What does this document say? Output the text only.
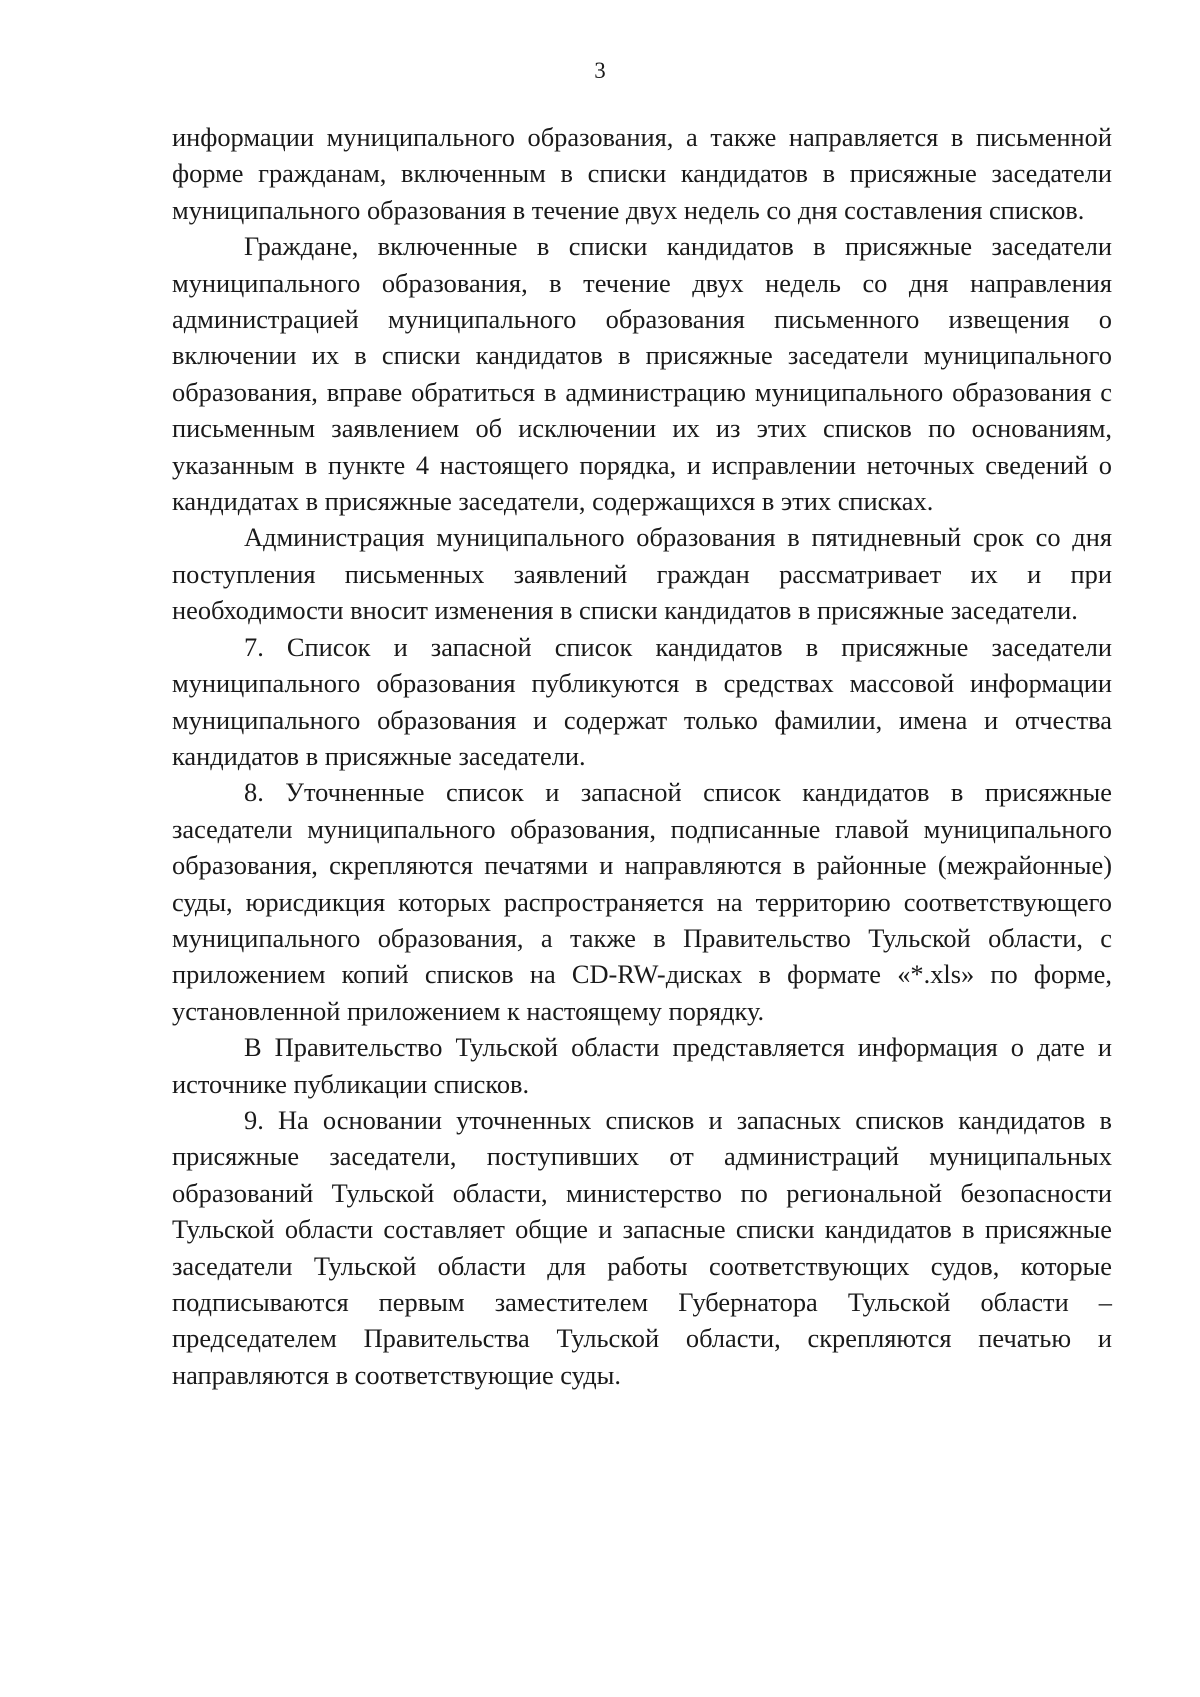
3

информации муниципального образования, а также направляется в письменной форме гражданам, включенным в списки кандидатов в присяжные заседатели муниципального образования в течение двух недель со дня составления списков.

Граждане, включенные в списки кандидатов в присяжные заседатели муниципального образования, в течение двух недель со дня направления администрацией муниципального образования письменного извещения о включении их в списки кандидатов в присяжные заседатели муниципального образования, вправе обратиться в администрацию муниципального образования с письменным заявлением об исключении их из этих списков по основаниям, указанным в пункте 4 настоящего порядка, и исправлении неточных сведений о кандидатах в присяжные заседатели, содержащихся в этих списках.

Администрация муниципального образования в пятидневный срок со дня поступления письменных заявлений граждан рассматривает их и при необходимости вносит изменения в списки кандидатов в присяжные заседатели.

7. Список и запасной список кандидатов в присяжные заседатели муниципального образования публикуются в средствах массовой информации муниципального образования и содержат только фамилии, имена и отчества кандидатов в присяжные заседатели.

8. Уточненные список и запасной список кандидатов в присяжные заседатели муниципального образования, подписанные главой муниципального образования, скрепляются печатями и направляются в районные (межрайонные) суды, юрисдикция которых распространяется на территорию соответствующего муниципального образования, а также в Правительство Тульской области, с приложением копий списков на CD-RW-дисках в формате «*.xls» по форме, установленной приложением к настоящему порядку.

В Правительство Тульской области представляется информация о дате и источнике публикации списков.

9. На основании уточненных списков и запасных списков кандидатов в присяжные заседатели, поступивших от администраций муниципальных образований Тульской области, министерство по региональной безопасности Тульской области составляет общие и запасные списки кандидатов в присяжные заседатели Тульской области для работы соответствующих судов, которые подписываются первым заместителем Губернатора Тульской области – председателем Правительства Тульской области, скрепляются печатью и направляются в соответствующие суды.
